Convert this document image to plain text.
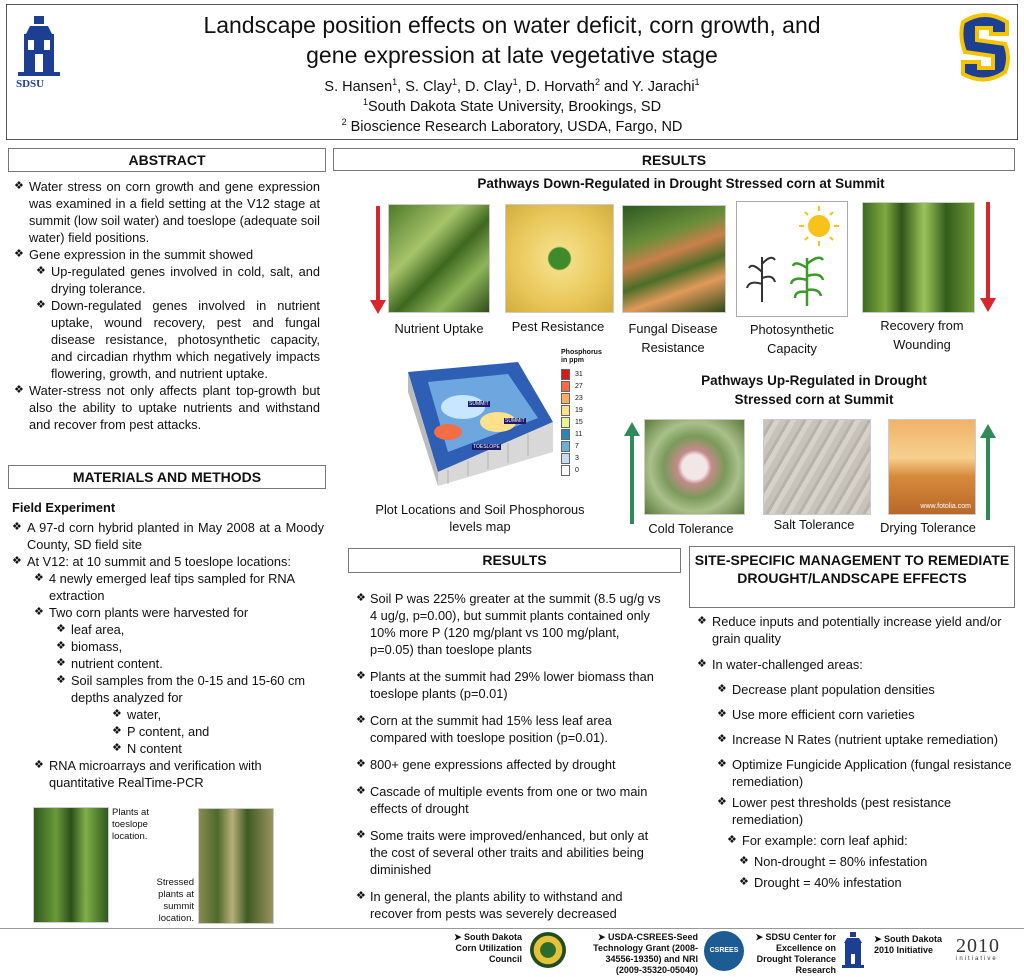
SDSU
Landscape position effects on water deficit, corn growth, and
gene expression at late vegetative stage
S. Hansen$^1$, S. Clay$^1$, D. Clay$^1$, D. Horvath$^2$ and Y. Jarachi$^1$
$^1$South Dakota State University, Brookings, SD
$^2$ Bioscience Research Laboratory, USDA, Fargo, ND
ABSTRACT
❖ Water stress on corn growth and gene expression was examined in a field setting at the V12 stage at summit (low soil water) and toeslope (adequate soil water) field positions.
❖ Gene expression in the summit showed
❖ Up-regulated genes involved in cold, salt, and drying tolerance.
❖ Down-regulated genes involved in nutrient uptake, wound recovery, pest and fungal disease resistance, photosynthetic capacity, and circadian rhythm which negatively impacts flowering, growth, and nutrient uptake.
❖ Water-stress not only affects plant top-growth but also the ability to uptake nutrients and withstand and recover from pest attacks.
MATERIALS AND METHODS
Field Experiment
❖ A 97-d corn hybrid planted in May 2008 at a Moody County, SD field site
❖ At V12: at 10 summit and 5 toeslope locations:
❖ 4 newly emerged leaf tips sampled for RNA extraction
❖ Two corn plants were harvested for
❖ leaf area,
❖ biomass,
❖ nutrient content.
❖ Soil samples from the 0-15 and 15-60 cm depths analyzed for
❖ water,
❖ P content, and
❖ N content
❖ RNA microarrays and verification with quantitative RealTime-PCR
Plants at toeslope location.
Stressed plants at summit location.
RESULTS
Pathways Down-Regulated in Drought Stressed corn at Summit
Nutrient Uptake	Pest Resistance	Fungal Disease Resistance
Photosynthetic Capacity
Recovery from Wounding
SUMMIT
SUMMIT
TOESLOPE
Phosphorus in ppm
31
27
23
19
15
11
7
3
0
Plot Locations and Soil Phosphorous levels map
Pathways Up-Regulated in Drought Stressed corn at Summit
www.fotolia.com
Cold Tolerance	Salt Tolerance	Drying Tolerance
RESULTS
❖ Soil P was 225% greater at the summit (8.5 ug/g vs 4 ug/g, p=0.00), but summit plants contained only 10% more P (120 mg/plant vs 100 mg/plant, p=0.05) than toeslope plants
❖ Plants at the summit had 29% lower biomass than toeslope plants (p=0.01)
❖ Corn at the summit had 15% less leaf area compared with toeslope position (p=0.01).
❖ 800+ gene expressions affected by drought
❖ Cascade of multiple events from one or two main effects of drought
❖ Some traits were improved/enhanced, but only at the cost of several other traits and abilities being diminished
❖ In general, the plants ability to withstand and recover from pests was severely decreased
SITE-SPECIFIC MANAGEMENT TO REMEDIATE DROUGHT/LANDSCAPE EFFECTS
❖ Reduce inputs and potentially increase yield and/or grain quality
❖ In water-challenged areas:
❖ Decrease plant population densities
❖ Use more efficient corn varieties
❖ Increase N Rates (nutrient uptake remediation)
❖ Optimize Fungicide Application (fungal resistance remediation)
❖ Lower pest thresholds (pest resistance remediation)
❖ For example: corn leaf aphid:
❖ Non-drought = 80% infestation
❖ Drought = 40% infestation
➤ South Dakota Corn Utilization Council
➤ USDA-CSREES-Seed Technology Grant (2008-34556-19350) and NRI (2009-35320-05040)
CSREES
➤ SDSU Center for Excellence on Drought Tolerance Research
➤ South Dakota 2010 Initiative	2010
initiative
